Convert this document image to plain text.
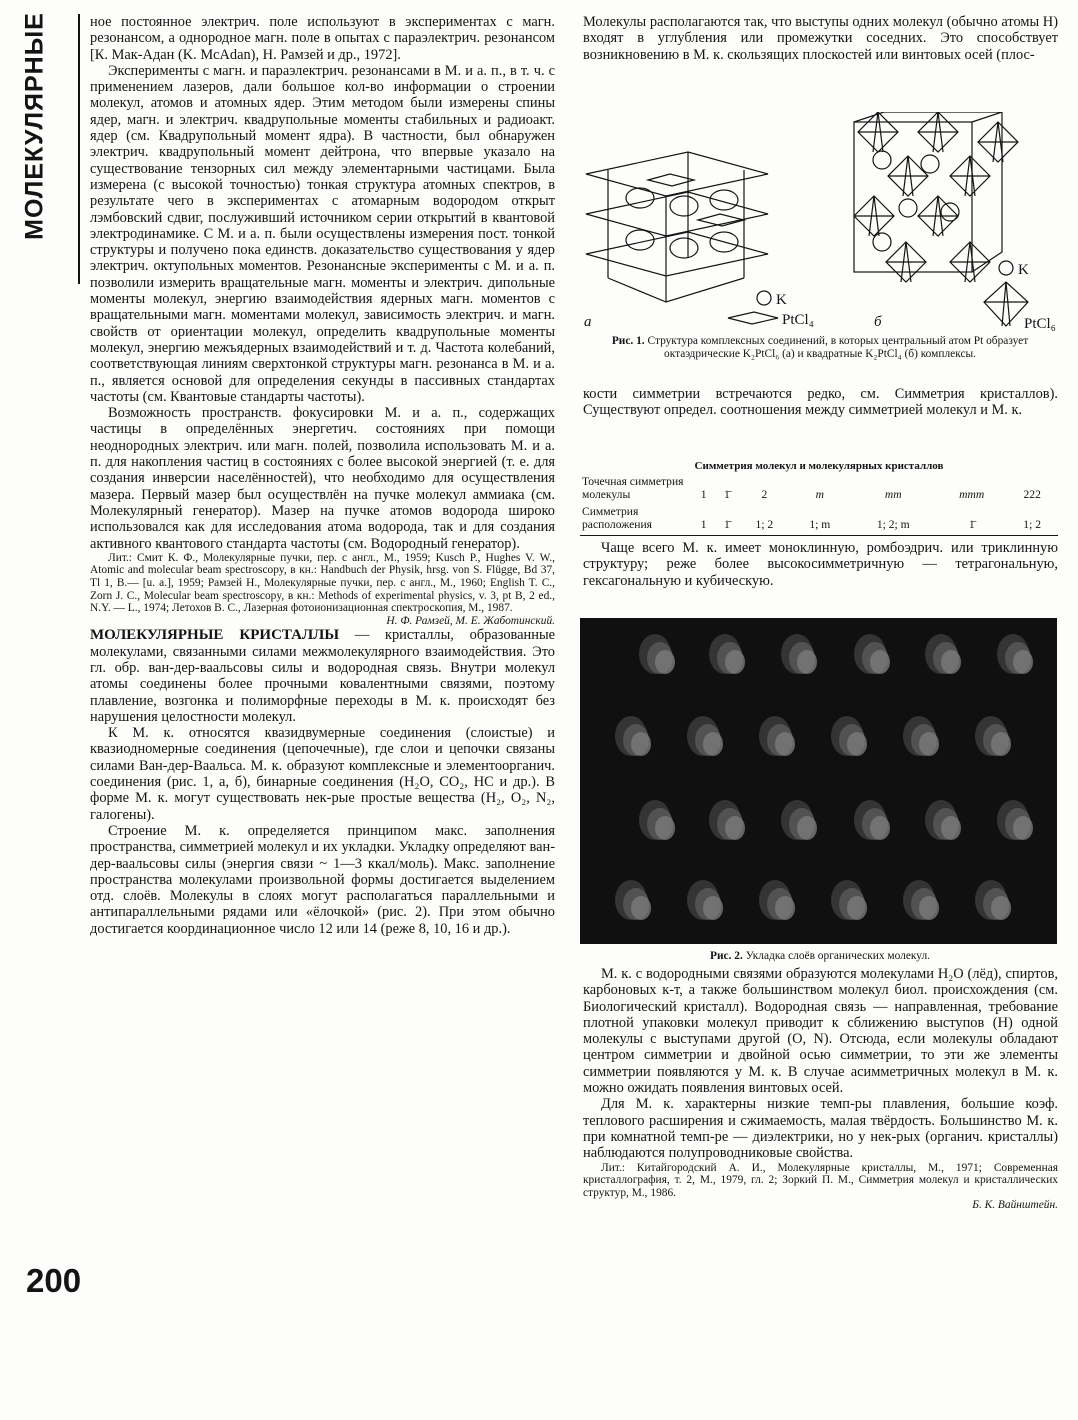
МОЛЕКУЛЯРНЫЕ
200

ное постоянное электрич. поле используют в экспериментах с магн. резонансом, а однородное магн. поле в опытах с параэлектрич. резонансом [К. Мак-Адан (K. McAdan), Н. Рамзей и др., 1972].

Эксперименты с магн. и параэлектрич. резонансами в М. и а. п., в т. ч. с применением лазеров, дали большое кол-во информации о строении молекул, атомов и атомных ядер. Этим методом были измерены спины ядер, магн. и электрич. квадрупольные моменты стабильных и радиоакт. ядер (см. Квадрупольный момент ядра). В частности, был обнаружен электрич. квадрупольный момент дейтрона, что впервые указало на существование тензорных сил между элементарными частицами. Была измерена (с высокой точностью) тонкая структура атомных спектров, в результате чего в экспериментах с атомарным водородом открыт лэмбовский сдвиг, послуживший источником серии открытий в квантовой электродинамике. С М. и а. п. были осуществлены измерения пост. тонкой структуры и получено пока единств. доказательство существования у ядер электрич. октупольных моментов. Резонансные эксперименты с М. и а. п. позволили измерить вращательные магн. моменты и электрич. дипольные моменты молекул, энергию взаимодействия ядерных магн. моментов с вращательными магн. моментами молекул, зависимость электрич. и магн. свойств от ориентации молекул, определить квадрупольные моменты молекул, энергию межъядерных взаимодействий и т. д. Частота колебаний, соответствующая линиям сверхтонкой структуры магн. резонанса в М. и а. п., является основой для определения секунды в пассивных стандартах частоты (см. Квантовые стандарты частоты).

Возможность пространств. фокусировки М. и а. п., содержащих частицы в определённых энергетич. состояниях при помощи неоднородных электрич. или магн. полей, позволила использовать М. и а. п. для накопления частиц в состояниях с более высокой энергией (т. е. для создания инверсии населённостей), что необходимо для осуществления мазера. Первый мазер был осуществлён на пучке молекул аммиака (см. Молекулярный генератор). Мазер на пучке атомов водорода широко использовался как для исследования атома водорода, так и для создания активного квантового стандарта частоты (см. Водородный генератор).

Лит.: Смит К. Ф., Молекулярные пучки, пер. с англ., М., 1959; Kusch P., Hughes V. W., Atomic and molecular beam spectroscopy, в кн.: Handbuch der Physik, hrsg. von S. Flügge, Bd 37, Tl 1, B.— [u. a.], 1959; Рамзей Н., Молекулярные пучки, пер. с англ., М., 1960; English T. C., Zorn J. C., Molecular beam spectroscopy, в кн.: Methods of experimental physics, v. 3, pt B, 2 ed., N.Y. — L., 1974; Летохов В. С., Лазерная фотоионизационная спектроскопия, М., 1987.

Н. Ф. Рамзей, М. Е. Жаботинский.

МОЛЕКУЛЯРНЫЕ КРИСТАЛЛЫ — кристаллы, образованные молекулами, связанными силами межмолекулярного взаимодействия. Это гл. обр. ван-дер-ваальсовы силы и водородная связь. Внутри молекул атомы соединены более прочными ковалентными связями, поэтому плавление, возгонка и полиморфные переходы в М. к. происходят без нарушения целостности молекул.

К М. к. относятся квазидвумерные соединения (слоистые) и квазиодномерные соединения (цепочечные), где слои и цепочки связаны силами Ван-дер-Ваальса. М. к. образуют комплексные и элементоорганич. соединения (рис. 1, а, б), бинарные соединения (H₂O, CO₂, HC и др.). В форме М. к. могут существовать нек-рые простые вещества (H₂, O₂, N₂, галогены).

Строение М. к. определяется принципом макс. заполнения пространства, симметрией молекул и их укладки. Укладку определяют ван-дер-ваальсовы силы (энергия связи ~ 1—3 ккал/моль). Макс. заполнение пространства молекулами произвольной формы достигается выделением отд. слоёв. Молекулы в слоях могут располагаться параллельными и антипараллельными рядами или «ёлочкой» (рис. 2). При этом обычно достигается координационное число 12 или 14 (реже 8, 10, 16 и др.).

Молекулы располагаются так, что выступы одних молекул (обычно атомы H) входят в углубления или промежутки соседних. Это способствует возникновению в М. к. скользящих плоскостей или винтовых осей (плос-

а	б
K
PtCl₄
K
PtCl₆
Рис. 1. Структура комплексных соединений, в которых центральный атом Pt образует октаэдрические K₂PtCl₆ (а) и квадратные K₂PtCl₄ (б) комплексы.

кости симметрии встречаются редко, см. Симметрия кристаллов). Существуют определ. соотношения между симметрией молекул и М. к.

Симметрия молекул и молекулярных кристаллов
Точечная симметрия молекулы	1	1̄	2	m	mm	mmm	222
Симметрия расположения	1	1̄	1; 2	1; m	1; 2; m	1̄	1; 2

Чаще всего М. к. имеет моноклинную, ромбоэдрич. или триклинную структуру; реже более высокосимметричную — тетрагональную, гексагональную и кубическую.

Рис. 2. Укладка слоёв органических молекул.

М. к. с водородными связями образуются молекулами H₂O (лёд), спиртов, карбоновых к-т, а также большинством молекул биол. происхождения (см. Биологический кристалл). Водородная связь — направленная, требование плотной упаковки молекул приводит к сближению выступов (H) одной молекулы с выступами другой (O, N). Отсюда, если молекулы обладают центром симметрии и двойной осью симметрии, то эти же элементы симметрии появляются у М. к. В случае асимметричных молекул в М. к. можно ожидать появления винтовых осей.

Для М. к. характерны низкие темп-ры плавления, большие коэф. теплового расширения и сжимаемость, малая твёрдость. Большинство М. к. при комнатной темп-ре — диэлектрики, но у нек-рых (органич. кристаллы) наблюдаются полупроводниковые свойства.

Лит.: Китайгородский А. И., Молекулярные кристаллы, М., 1971; Современная кристаллография, т. 2, М., 1979, гл. 2; Зоркий П. М., Симметрия молекул и кристаллических структур, М., 1986.

Б. К. Вайнштейн.
